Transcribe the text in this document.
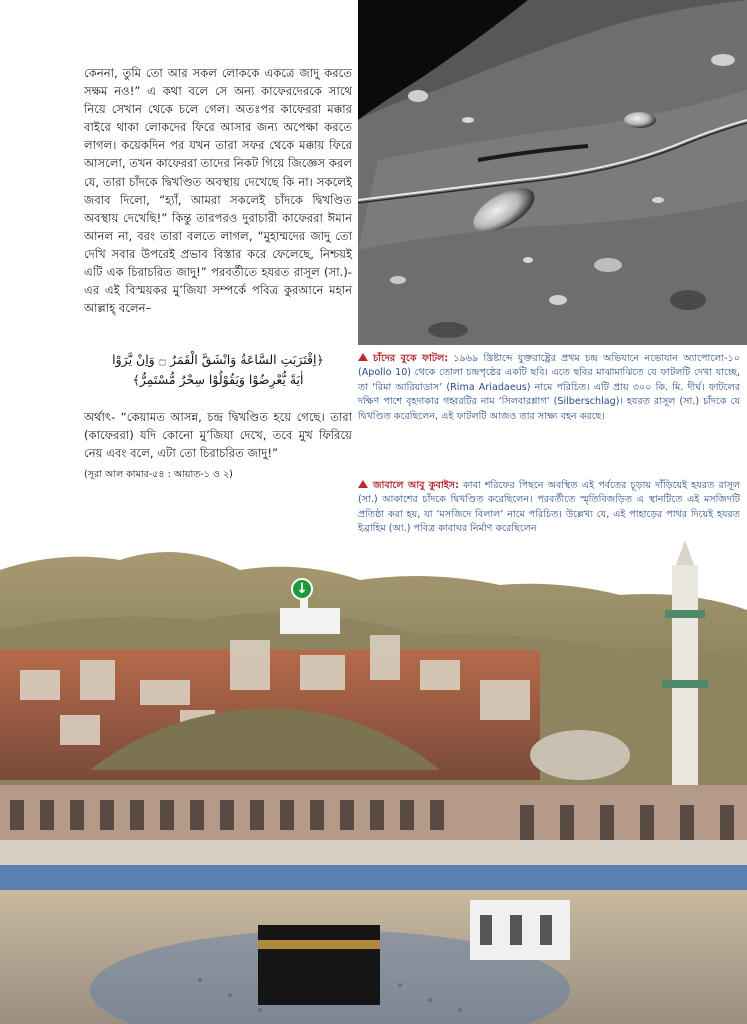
কেননা, তুমি তো আর সকল লোককে একত্রে জাদু করতে সক্ষম নও!” এ কথা বলে সে অন্য কাফেরদেরকে সাথে নিয়ে সেখান থেকে চলে গেল। অতঃপর কাফেররা মক্কার বাইরে থাকা লোকদের ফিরে আসার জন্য অপেক্ষা করতে লাগল। কয়েকদিন পর যখন তারা সফর থেকে মক্কায় ফিরে আসলো, তখন কাফেররা তাদের নিকট গিয়ে জিজ্ঞেস করল যে, তারা চাঁদকে দ্বিখণ্ডিত অবস্থায় দেখেছে কি না। সকলেই জবাব দিলো, “হ্যাঁ, আমরা সকলেই চাঁদকে দ্বিখণ্ডিত অবস্থায় দেখেছি!” কিন্তু তারপরও দুরাচারী কাফেররা ঈমান আনল না, বরং তারা বলতে লাগল, “মুহাম্মদের জাদু তো দেখি সবার উপরেই প্রভাব বিস্তার করে ফেলেছে, নিশ্চয়ই এটি এক চিরাচরিত জাদু!” পরবর্তীতে হযরত রাসূল (সা.)-এর এই বিস্ময়কর মু’জিযা সম্পর্কে পবিত্র কুরআনে মহান আল্লাহ্ বলেন–
﴿اِقْتَرَبَتِ السَّاعَةُ وَانْشَقَّ الْقَمَرُ ۝ وَاِنْ يَّرَوْا
اٰيَةً يُّعْرِضُوْا وَيَقُوْلُوْا سِحْرٌ مُّسْتَمِرٌّ﴾
অর্থাৎ- “কেয়ামত আসন্ন, চন্দ্র দ্বিখণ্ডিত হয়ে গেছে। তারা (কাফেররা) যদি কোনো মু’জিযা দেখে, তবে মুখ ফিরিয়ে নেয় এবং বলে, এটা তো চিরাচরিত জাদু!”
(সূরা আল কামার-৫৪ : আয়াত-১ ও ২)
চাঁদের বুকে ফাটল: ১৯৬৯ খ্রিষ্টাব্দে যুক্তরাষ্ট্রের প্রথম চন্দ্র অভিযানে নভোযান অ্যাপোলো-১০ (Apollo 10) থেকে তোলা চন্দ্রপৃষ্ঠের একটি ছবি। এতে ছবির মাঝামাঝিতে যে ফাটলটি দেখা যাচ্ছে, তা ‘রিমা আরিয়াডাস’ (Rima Ariadaeus) নামে পরিচিত। এটি প্রায় ৩০০ কি. মি. দীর্ঘ। ফাটলের দক্ষিণ পাশে বৃহদাকার গহ্বরটির নাম ‘সিলবারশ্লাগ’ (Silberschlag)। হযরত রাসূল (সা.) চাঁদকে যে দ্বিখণ্ডিত করেছিলেন, এই ফাটলটি আজও তার সাক্ষ্য বহন করছে।
জাবালে আবু কুবাইস: কাবা শরিফের পিছনে অবস্থিত এই পর্বতের চূড়ায় দাঁড়িয়েই হযরত রাসূল (সা.) আকাশের চাঁদকে দ্বিখণ্ডিত করেছিলেন। পরবর্তীতে স্মৃতিবিজড়িত এ স্থানটিতে এই মসজিদটি প্রতিষ্ঠা করা হয়, যা ‘মসজিদে বিলাল’ নামে পরিচিত। উল্লেখ্য যে, এই পাহাড়ের পাথর দিয়েই হযরত ইব্রাহিম (আ.) পবিত্র কাবাঘর নির্মাণ করেছিলেন
↓
